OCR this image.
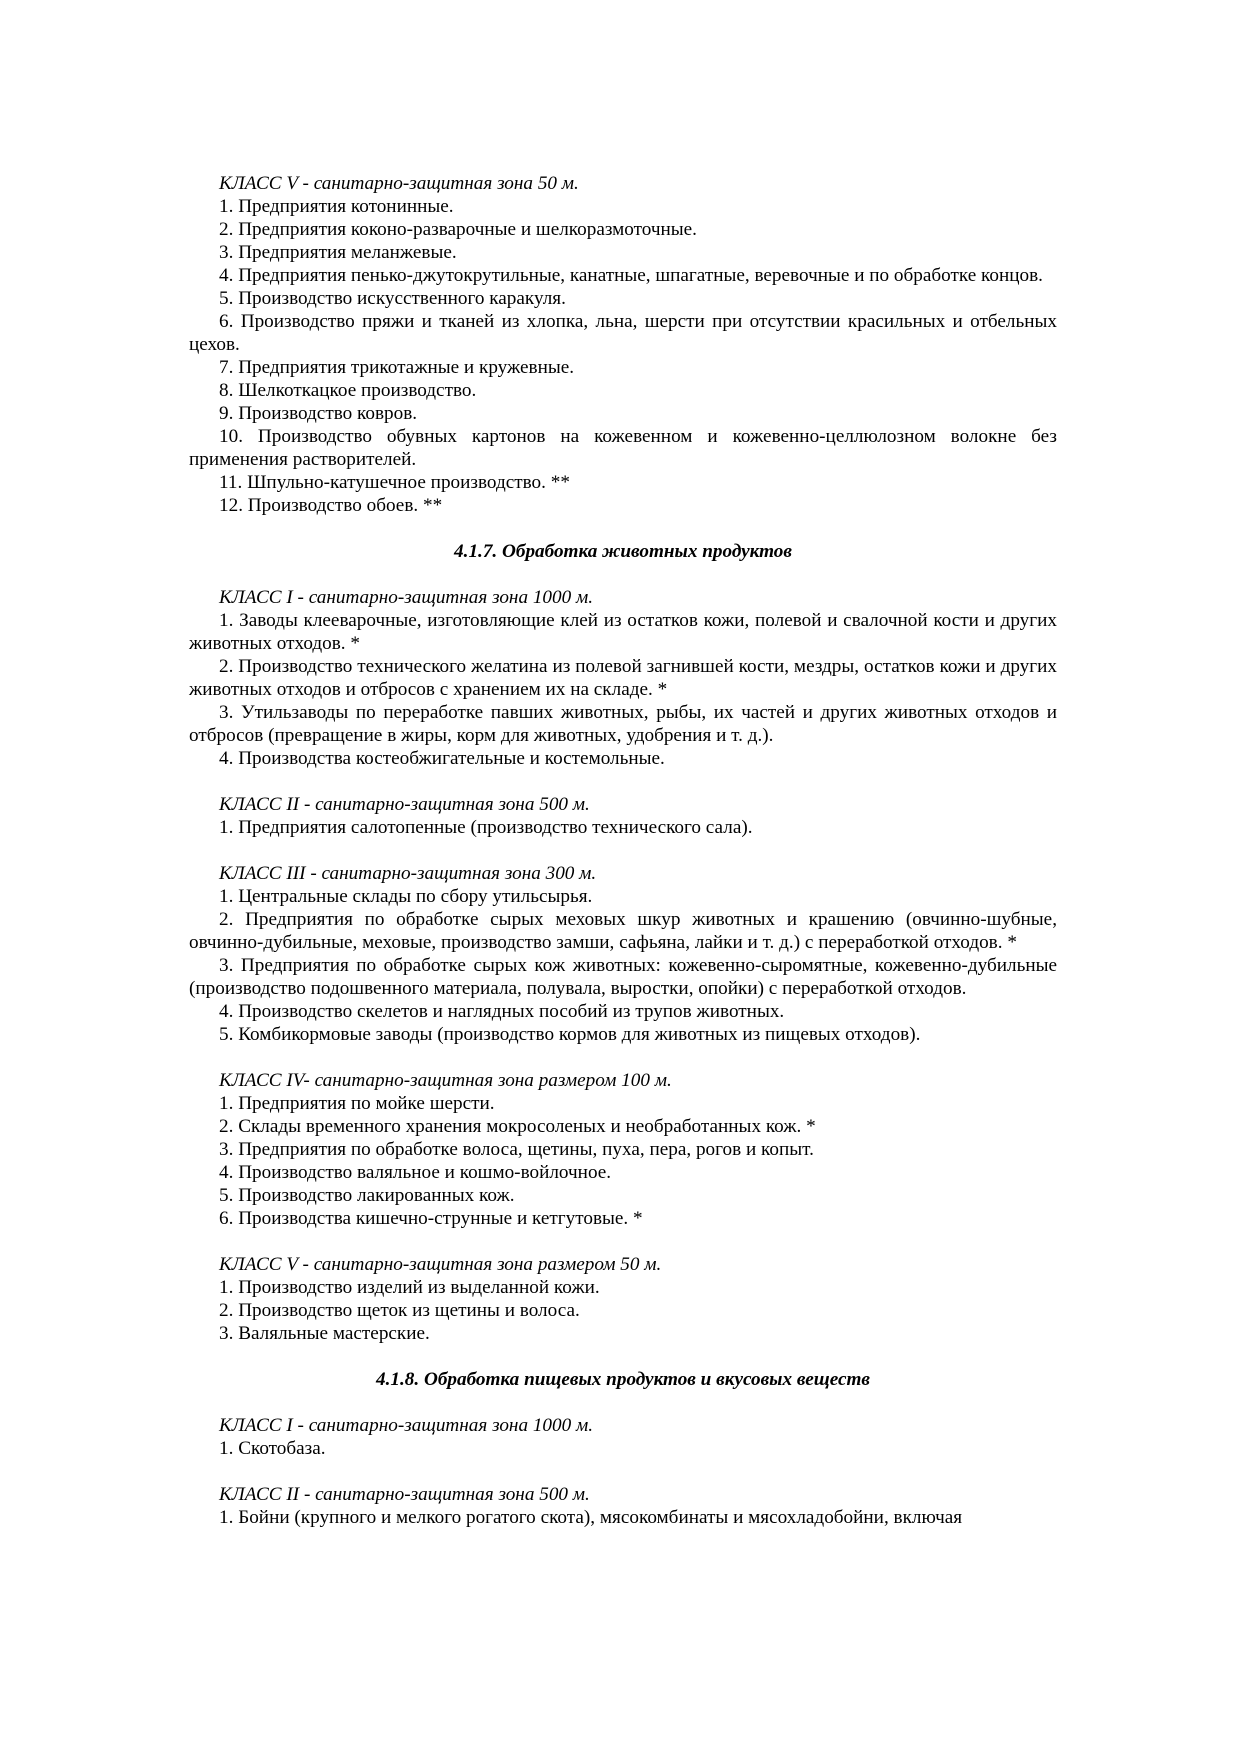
КЛАСС V - санитарно-защитная зона 50 м.

1. Предприятия котонинные.

2. Предприятия коконо-разварочные и шелкоразмоточные.

3. Предприятия меланжевые.

4. Предприятия пенько-джутокрутильные, канатные, шпагатные, веревочные и по обработке концов.

5. Производство искусственного каракуля.

6. Производство пряжи и тканей из хлопка, льна, шерсти при отсутствии красильных и отбельных цехов.

7. Предприятия трикотажные и кружевные.

8. Шелкоткацкое производство.

9. Производство ковров.

10. Производство обувных картонов на кожевенном и кожевенно-целлюлозном волокне без применения растворителей.

11. Шпульно-катушечное производство. **

12. Производство обоев. **

4.1.7. Обработка животных продуктов

КЛАСС I - санитарно-защитная зона 1000 м.

1. Заводы клееварочные, изготовляющие клей из остатков кожи, полевой и свалочной кости и других животных отходов. *

2. Производство технического желатина из полевой загнившей кости, мездры, остатков кожи и других животных отходов и отбросов с хранением их на складе. *

3. Утильзаводы по переработке павших животных, рыбы, их частей и других животных отходов и отбросов (превращение в жиры, корм для животных, удобрения и т. д.).

4. Производства костеобжигательные и костемольные.

КЛАСС II - санитарно-защитная зона 500 м.

1. Предприятия салотопенные (производство технического сала).

КЛАСС III - санитарно-защитная зона 300 м.

1. Центральные склады по сбору утильсырья.

2. Предприятия по обработке сырых меховых шкур животных и крашению (овчинно-шубные, овчинно-дубильные, меховые, производство замши, сафьяна, лайки и т. д.) с переработкой отходов. *

3. Предприятия по обработке сырых кож животных: кожевенно-сыромятные, кожевенно-дубильные (производство подошвенного материала, полувала, выростки, опойки) с переработкой отходов.

4. Производство скелетов и наглядных пособий из трупов животных.

5. Комбикормовые заводы (производство кормов для животных из пищевых отходов).

КЛАСС IV- санитарно-защитная зона размером 100 м.

1. Предприятия по мойке шерсти.

2. Склады временного хранения мокросоленых и необработанных кож. *

3. Предприятия по обработке волоса, щетины, пуха, пера, рогов и копыт.

4. Производство валяльное и кошмо-войлочное.

5. Производство лакированных кож.

6. Производства кишечно-струнные и кетгутовые. *

КЛАСС V - санитарно-защитная зона размером 50 м.

1. Производство изделий из выделанной кожи.

2. Производство щеток из щетины и волоса.

3. Валяльные мастерские.

4.1.8. Обработка пищевых продуктов и вкусовых веществ

КЛАСС I - санитарно-защитная зона 1000 м.

1. Скотобаза.

КЛАСС II - санитарно-защитная зона 500 м.

1. Бойни (крупного и мелкого рогатого скота), мясокомбинаты и мясохладобойни, включая
